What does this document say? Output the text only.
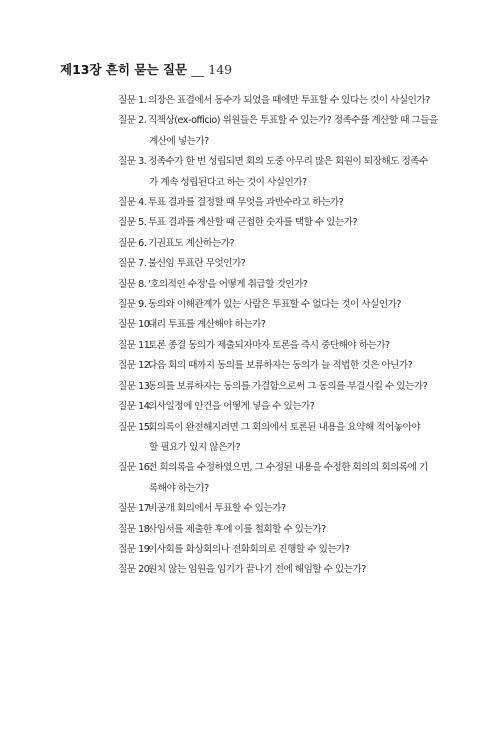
제13장 흔히 묻는 질문 __ 149
질문 1. 의장은 표결에서 동수가 되었을 때에만 투표할 수 있다는 것이 사실인가?
질문 2. 직책상(ex-officio) 위원들은 투표할 수 있는가? 정족수를 계산할 때 그들을
계산에 넣는가?
질문 3. 정족수가 한 번 성립되면 회의 도중 아무리 많은 회원이 퇴장해도 정족수
가 계속 성립된다고 하는 것이 사실인가?
질문 4. 투표 결과를 결정할 때 무엇을 과반수라고 하는가?
질문 5. 투표 결과를 계산할 때 근접한 숫자를 택할 수 있는가?
질문 6. 기권표도 계산하는가?
질문 7. 불신임 투표란 무엇인가?
질문 8. '호의적인 수정'을 어떻게 취급할 것인가?
질문 9. 동의와 이해관계가 있는 사람은 투표할 수 없다는 것이 사실인가?
질문 10.대리 투표를 계산해야 하는가?
질문 11.토론 종결 동의가 제출되자마자 토론을 즉시 중단해야 하는가?
질문 12.다음 회의 때까지 동의를 보류하자는 동의가 늘 적법한 것은 아닌가?
질문 13.동의를 보류하자는 동의를 가결함으로써 그 동의를 부결시킬 수 있는가?
질문 14.의사일정에 안건을 어떻게 넣을 수 있는가?
질문 15.회의록이 완전해지려면 그 회의에서 토론된 내용을 요약해 적어놓아야
할 필요가 있지 않은가?
질문 16.전 회의록을 수정하였으면, 그 수정된 내용을 수정한 회의의 회의록에 기
록해야 하는가?
질문 17.비공개 회의에서 투표할 수 있는가?
질문 18.사임서를 제출한 후에 이를 철회할 수 있는가?
질문 19.이사회를 화상회의나 전화회의로 진행할 수 있는가?
질문 20.원치 않는 임원을 임기가 끝나기 전에 해임할 수 있는가?
